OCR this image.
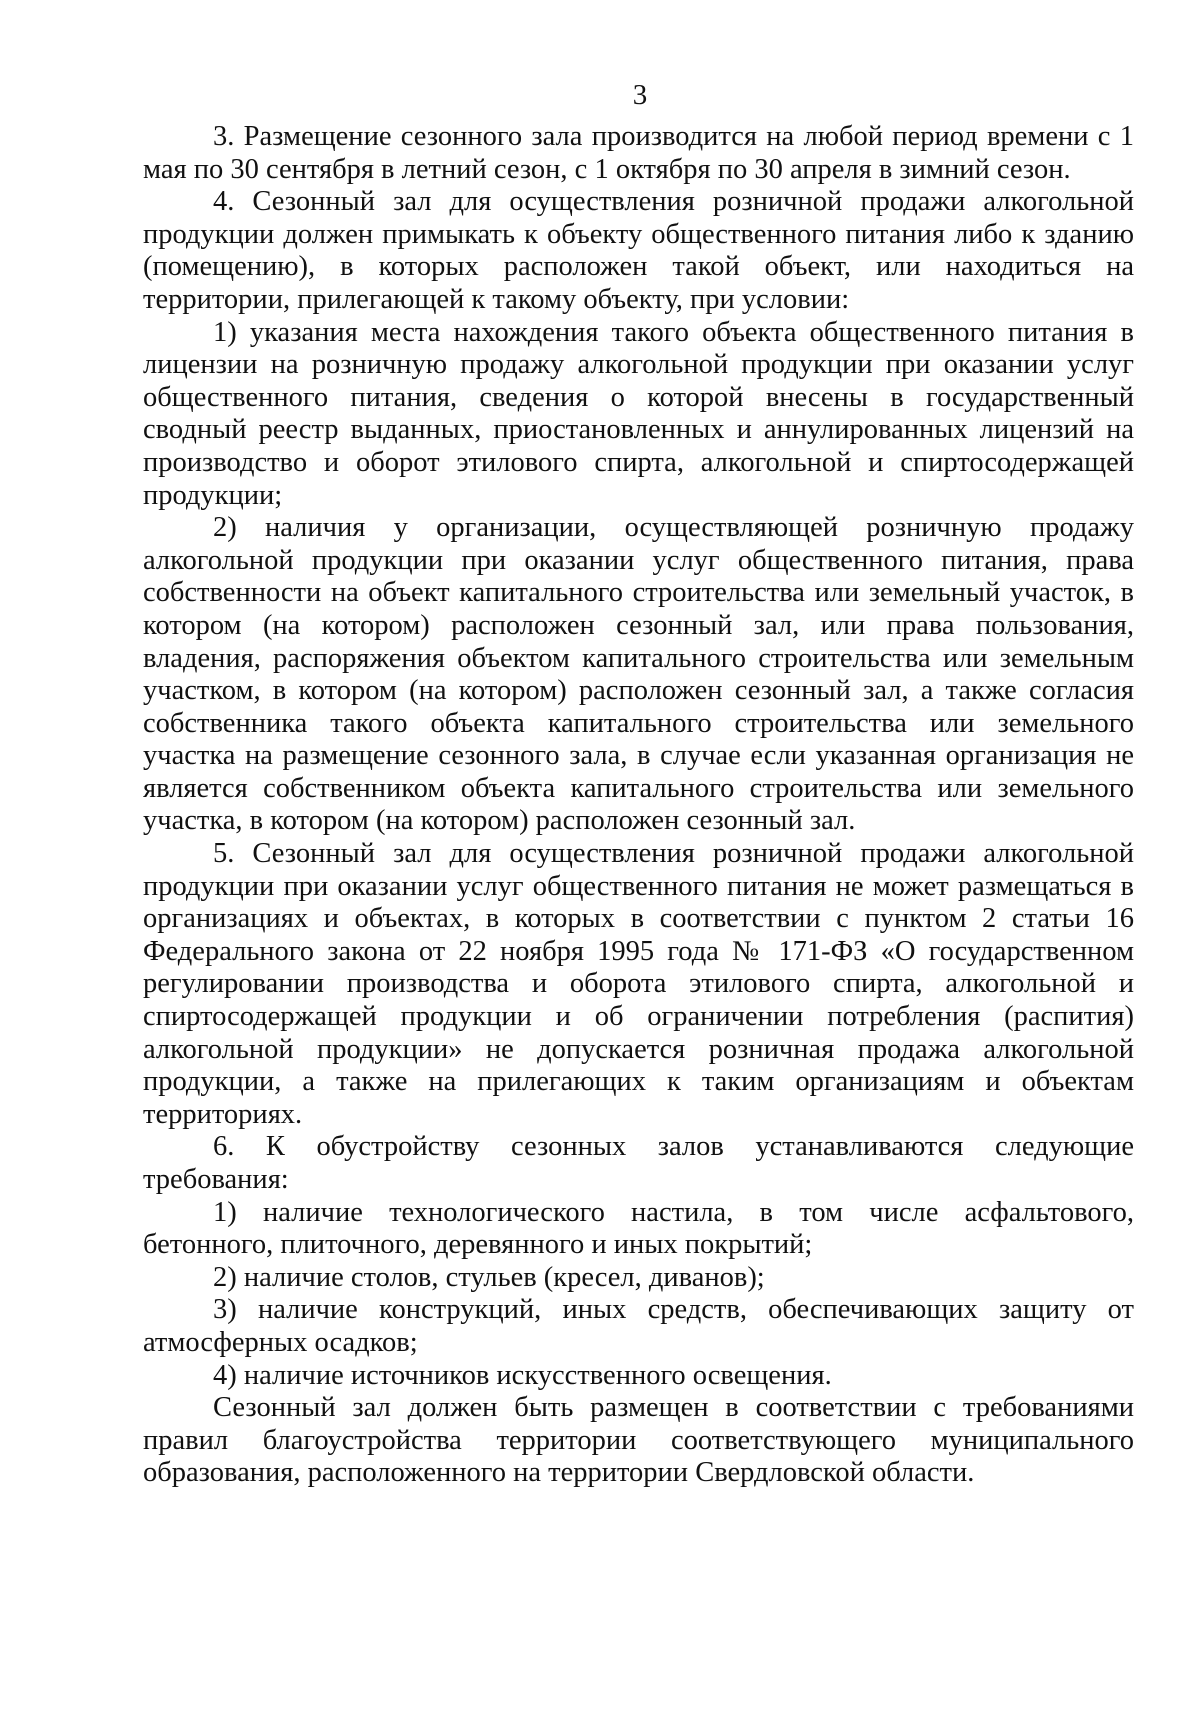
3

3. Размещение сезонного зала производится на любой период времени с 1 мая по 30 сентября в летний сезон, с 1 октября по 30 апреля в зимний сезон.

4. Сезонный зал для осуществления розничной продажи алкогольной продукции должен примыкать к объекту общественного питания либо к зданию (помещению), в которых расположен такой объект, или находиться на территории, прилегающей к такому объекту, при условии:

1) указания места нахождения такого объекта общественного питания в лицензии на розничную продажу алкогольной продукции при оказании услуг общественного питания, сведения о которой внесены в государственный сводный реестр выданных, приостановленных и аннулированных лицензий на производство и оборот этилового спирта, алкогольной и спиртосодержащей продукции;

2) наличия у организации, осуществляющей розничную продажу алкогольной продукции при оказании услуг общественного питания, права собственности на объект капитального строительства или земельный участок, в котором (на котором) расположен сезонный зал, или права пользования, владения, распоряжения объектом капитального строительства или земельным участком, в котором (на котором) расположен сезонный зал, а также согласия собственника такого объекта капитального строительства или земельного участка на размещение сезонного зала, в случае если указанная организация не является собственником объекта капитального строительства или земельного участка, в котором (на котором) расположен сезонный зал.

5. Сезонный зал для осуществления розничной продажи алкогольной продукции при оказании услуг общественного питания не может размещаться в организациях и объектах, в которых в соответствии с пунктом 2 статьи 16 Федерального закона от 22 ноября 1995 года № 171-ФЗ «О государственном регулировании производства и оборота этилового спирта, алкогольной и спиртосодержащей продукции и об ограничении потребления (распития) алкогольной продукции» не допускается розничная продажа алкогольной продукции, а также на прилегающих к таким организациям и объектам территориях.

6. К обустройству сезонных залов устанавливаются следующие требования:

1) наличие технологического настила, в том числе асфальтового, бетонного, плиточного, деревянного и иных покрытий;

2) наличие столов, стульев (кресел, диванов);

3) наличие конструкций, иных средств, обеспечивающих защиту от атмосферных осадков;

4) наличие источников искусственного освещения.

Сезонный зал должен быть размещен в соответствии с требованиями правил благоустройства территории соответствующего муниципального образования, расположенного на территории Свердловской области.
